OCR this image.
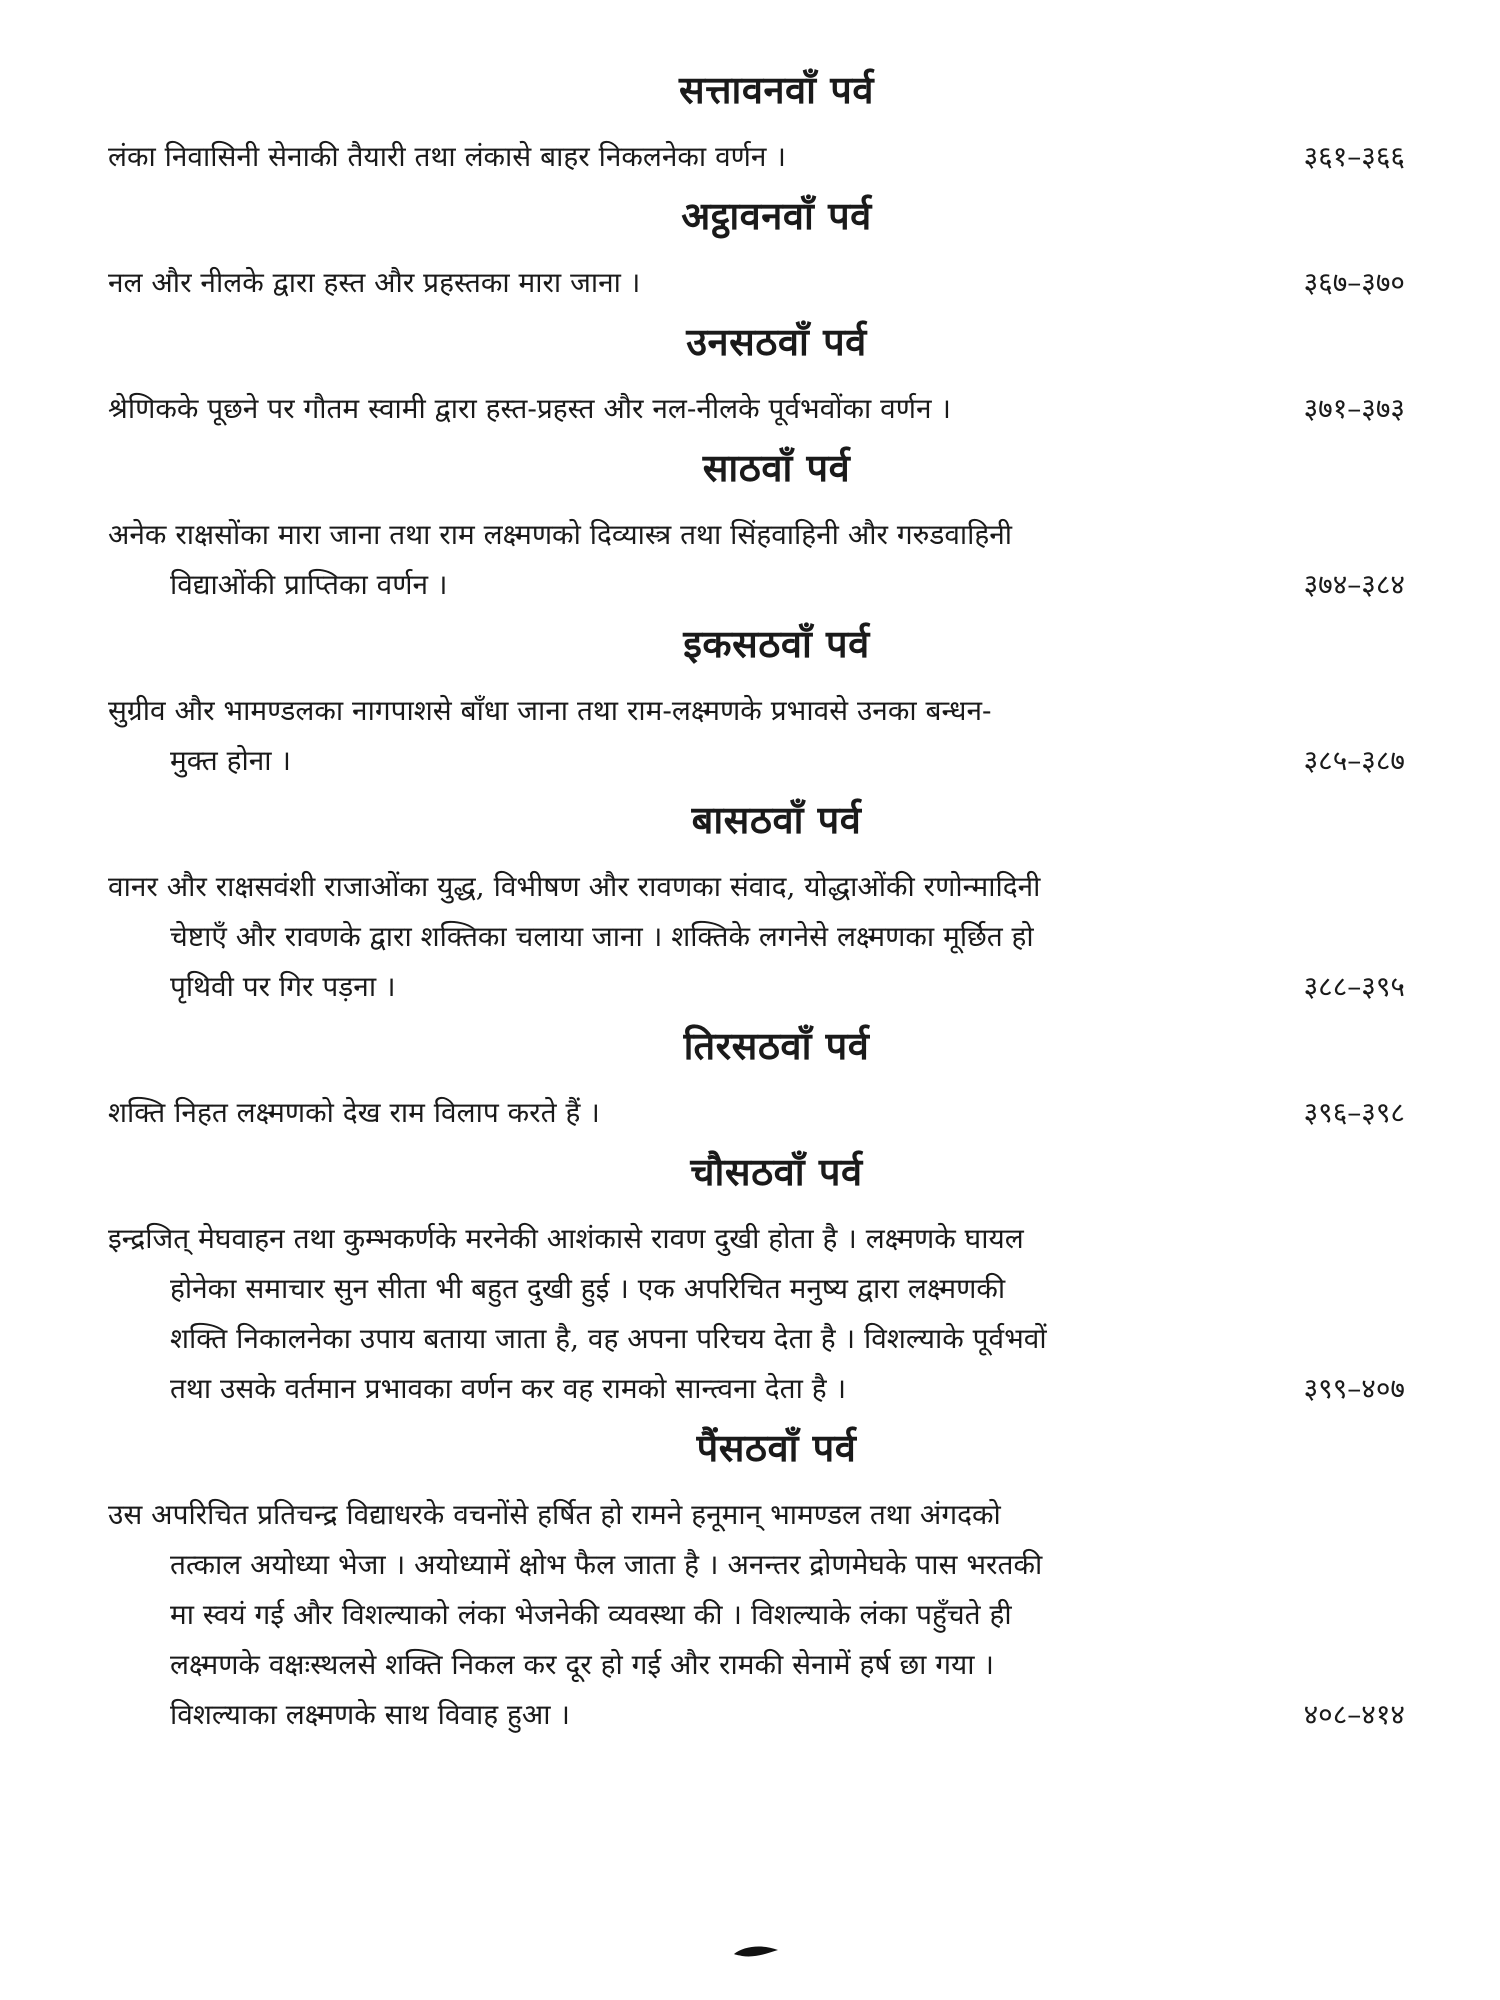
सत्तावनवाँ पर्व
लंका निवासिनी सेनाकी तैयारी तथा लंकासे बाहर निकलनेका वर्णन ।	३६१–३६६
अट्ठावनवाँ पर्व
नल और नीलके द्वारा हस्त और प्रहस्तका मारा जाना ।	३६७–३७०
उनसठवाँ पर्व
श्रेणिकके पूछने पर गौतम स्वामी द्वारा हस्त-प्रहस्त और नल-नीलके पूर्वभवोंका वर्णन ।	३७१–३७३
साठवाँ पर्व
अनेक राक्षसोंका मारा जाना तथा राम लक्ष्मणको दिव्यास्त्र तथा सिंहवाहिनी और गरुडवाहिनी
विद्याओंकी प्राप्तिका वर्णन ।	३७४–३८४
इकसठवाँ पर्व
सुग्रीव और भामण्डलका नागपाशसे बाँधा जाना तथा राम-लक्ष्मणके प्रभावसे उनका बन्धन-
मुक्त होना ।	३८५–३८७
बासठवाँ पर्व
वानर और राक्षसवंशी राजाओंका युद्ध, विभीषण और रावणका संवाद, योद्धाओंकी रणोन्मादिनी
चेष्टाएँ और रावणके द्वारा शक्तिका चलाया जाना । शक्तिके लगनेसे लक्ष्मणका मूर्छित हो
पृथिवी पर गिर पड़ना ।	३८८–३९५
तिरसठवाँ पर्व
शक्ति निहत लक्ष्मणको देख राम विलाप करते हैं ।	३९६–३९८
चौसठवाँ पर्व
इन्द्रजित् मेघवाहन तथा कुम्भकर्णके मरनेकी आशंकासे रावण दुखी होता है । लक्ष्मणके घायल
होनेका समाचार सुन सीता भी बहुत दुखी हुई । एक अपरिचित मनुष्य द्वारा लक्ष्मणकी
शक्ति निकालनेका उपाय बताया जाता है, वह अपना परिचय देता है । विशल्याके पूर्वभवों
तथा उसके वर्तमान प्रभावका वर्णन कर वह रामको सान्त्वना देता है ।	३९९–४०७
पैंसठवाँ पर्व
उस अपरिचित प्रतिचन्द्र विद्याधरके वचनोंसे हर्षित हो रामने हनूमान् भामण्डल तथा अंगदको
तत्काल अयोध्या भेजा । अयोध्यामें क्षोभ फैल जाता है । अनन्तर द्रोणमेघके पास भरतकी
मा स्वयं गई और विशल्याको लंका भेजनेकी व्यवस्था की । विशल्याके लंका पहुँचते ही
लक्ष्मणके वक्षःस्थलसे शक्ति निकल कर दूर हो गई और रामकी सेनामें हर्ष छा गया ।
विशल्याका लक्ष्मणके साथ विवाह हुआ ।	४०८–४१४
